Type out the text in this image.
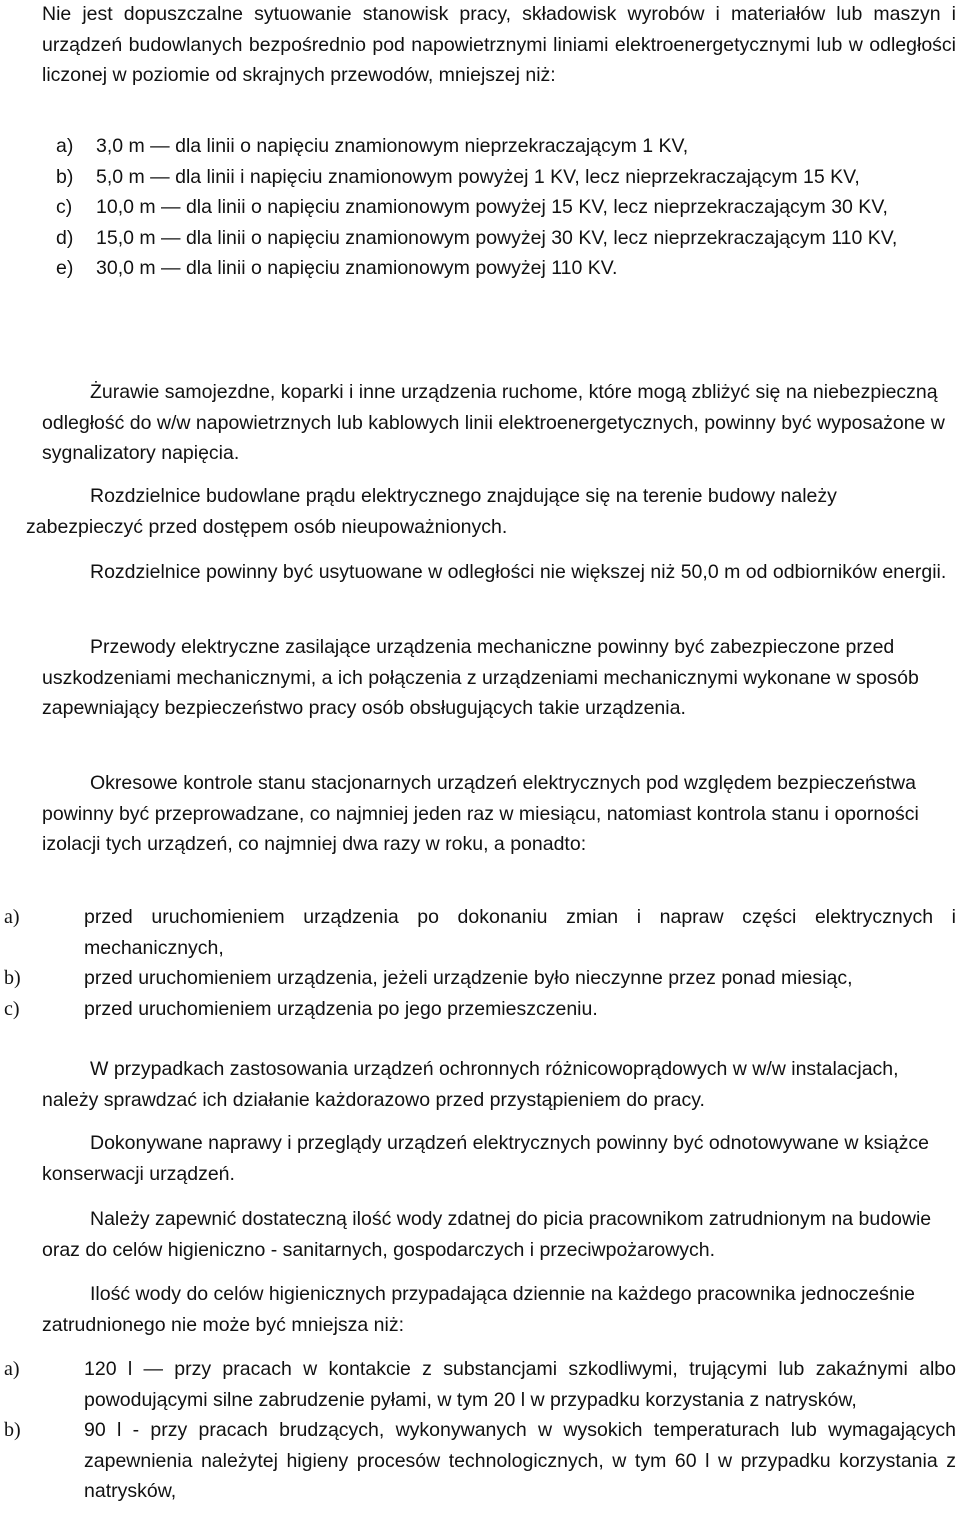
Nie jest dopuszczalne sytuowanie stanowisk pracy, składowisk wyrobów i materiałów lub maszyn i urządzeń budowlanych bezpośrednio pod napowietrznymi liniami elektroenergetycznymi lub w odległości liczonej w poziomie od skrajnych przewodów, mniejszej niż:

a)	3,0 m — dla linii o napięciu znamionowym nieprzekraczającym 1 KV,
b)	5,0 m — dla linii i napięciu znamionowym powyżej 1 KV, lecz nieprzekraczającym 15 KV,
c)	10,0 m — dla linii o napięciu znamionowym powyżej 15 KV, lecz nieprzekraczającym 30 KV,
d)	15,0 m — dla linii o napięciu znamionowym powyżej 30 KV, lecz nieprzekraczającym 110 KV,
e)	30,0 m — dla linii o napięciu znamionowym powyżej 110 KV.

Żurawie samojezdne, koparki i inne urządzenia ruchome, które mogą zbliżyć się na niebezpieczną odległość do w/w napowietrznych lub kablowych linii elektroenergetycznych, powinny być wyposażone w sygnalizatory napięcia.

Rozdzielnice budowlane prądu elektrycznego znajdujące się na terenie budowy należy zabezpieczyć przed dostępem osób nieupoważnionych.

Rozdzielnice powinny być usytuowane w odległości nie większej niż 50,0 m od odbiorników energii.

Przewody elektryczne zasilające urządzenia mechaniczne powinny być zabezpieczone przed uszkodzeniami mechanicznymi, a ich połączenia z urządzeniami mechanicznymi wykonane w sposób zapewniający bezpieczeństwo pracy osób obsługujących takie urządzenia.

Okresowe kontrole stanu stacjonarnych urządzeń elektrycznych pod względem bezpieczeństwa powinny być przeprowadzane, co najmniej jeden raz w miesiącu, natomiast kontrola stanu i oporności izolacji tych urządzeń, co najmniej dwa razy w roku, a ponadto:

a)	przed uruchomieniem urządzenia po dokonaniu zmian i napraw części elektrycznych i mechanicznych,
b)	przed uruchomieniem urządzenia, jeżeli urządzenie było nieczynne przez ponad miesiąc,
c)	przed uruchomieniem urządzenia po jego przemieszczeniu.

W przypadkach zastosowania urządzeń ochronnych różnicowoprądowych w w/w instalacjach, należy sprawdzać ich działanie każdorazowo przed przystąpieniem do pracy.

Dokonywane naprawy i przeglądy urządzeń elektrycznych powinny być odnotowywane w książce konserwacji urządzeń.

Należy zapewnić dostateczną ilość wody zdatnej do picia pracownikom zatrudnionym na budowie oraz do celów higieniczno - sanitarnych, gospodarczych i przeciwpożarowych.

Ilość wody do celów higienicznych przypadająca dziennie na każdego pracownika jednocześnie zatrudnionego nie może być mniejsza niż:

a)	120 l — przy pracach w kontakcie z substancjami szkodliwymi, trującymi lub zakaźnymi albo powodującymi silne zabrudzenie pyłami, w tym 20 l w przypadku korzystania z natrysków,
b)	90 l - przy pracach brudzących, wykonywanych w wysokich temperaturach lub wymagających zapewnienia należytej higieny procesów technologicznych, w tym 60 l w przypadku korzystania z natrysków,
